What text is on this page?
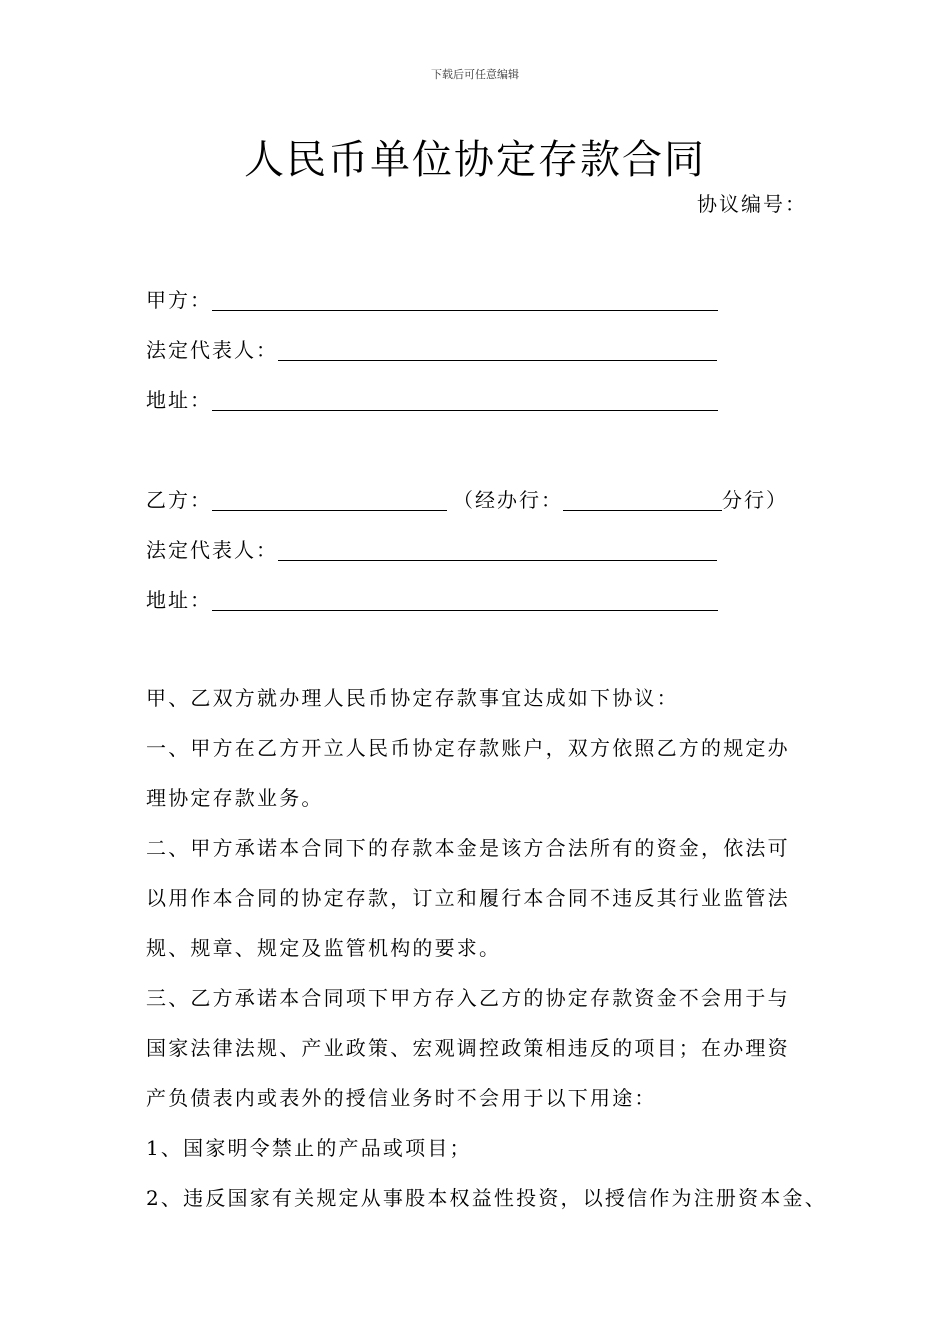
下载后可任意编辑
人民币单位协定存款合同
协议编号：
甲方：
法定代表人：
地址：
乙方：	（经办行：	分行）
法定代表人：
地址：
甲、乙双方就办理人民币协定存款事宜达成如下协议：
一、甲方在乙方开立人民币协定存款账户，双方依照乙方的规定办
理协定存款业务。
二、甲方承诺本合同下的存款本金是该方合法所有的资金，依法可
以用作本合同的协定存款，订立和履行本合同不违反其行业监管法
规、规章、规定及监管机构的要求。
三、乙方承诺本合同项下甲方存入乙方的协定存款资金不会用于与
国家法律法规、产业政策、宏观调控政策相违反的项目；在办理资
产负债表内或表外的授信业务时不会用于以下用途：
1、国家明令禁止的产品或项目；
2、违反国家有关规定从事股本权益性投资，以授信作为注册资本金、
